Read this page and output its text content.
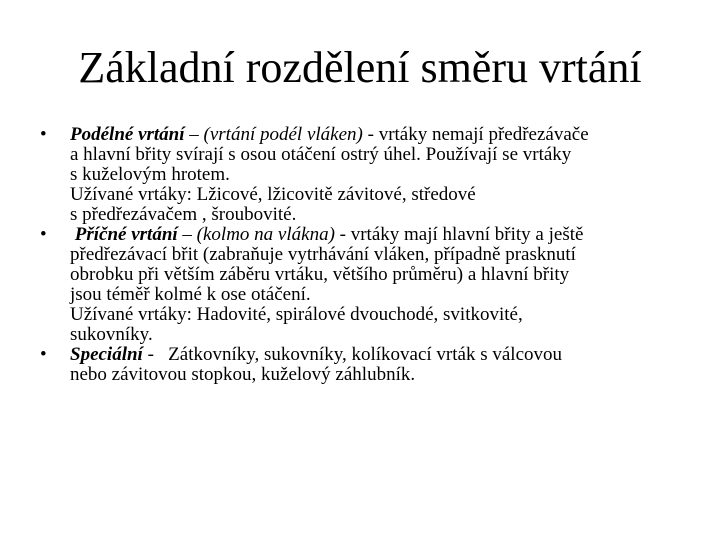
Základní rozdělení směru vrtání
•	Podélné vrtání – (vrtání podél vláken) - vrtáky nemají předřezávače
a hlavní břity svírají s osou otáčení ostrý úhel. Používají se vrtáky
s kuželovým hrotem.
Užívané vrtáky: Lžicové, lžicovitě závitové, středové
s předřezávačem , šroubovité.
•	Příčné vrtání – (kolmo na vlákna) - vrtáky mají hlavní břity a ještě
předřezávací břit (zabraňuje vytrhávání vláken, případně prasknutí
obrobku při větším záběru vrtáku, většího průměru) a hlavní břity
jsou téměř kolmé k ose otáčení.
Užívané vrtáky: Hadovité, spirálové dvouchodé, svitkovité,
sukovníky.
•	Speciální -   Zátkovníky, sukovníky, kolíkovací vrták s válcovou
nebo závitovou stopkou, kuželový záhlubník.
